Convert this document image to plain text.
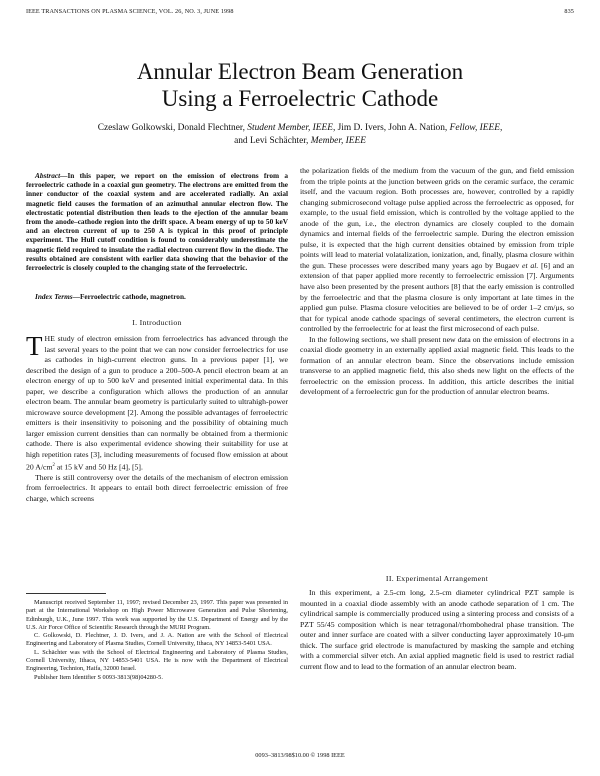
IEEE TRANSACTIONS ON PLASMA SCIENCE, VOL. 26, NO. 3, JUNE 1998	835
Annular Electron Beam Generation
Using a Ferroelectric Cathode
Czeslaw Golkowski, Donald Flechtner, Student Member, IEEE, Jim D. Ivers, John A. Nation, Fellow, IEEE,
and Levi Schächter, Member, IEEE

Abstract—In this paper, we report on the emission of electrons from a ferroelectric cathode in a coaxial gun geometry. The electrons are emitted from the inner conductor of the coaxial system and are accelerated radially. An axial magnetic field causes the formation of an azimuthal annular electron flow. The electrostatic potential distribution then leads to the ejection of the annular beam from the anode–cathode region into the drift space. A beam energy of up to 50 keV and an electron current of up to 250 A is typical in this proof of principle experiment. The Hull cutoff condition is found to considerably underestimate the magnetic field required to insulate the radial electron current flow in the diode. The results obtained are consistent with earlier data showing that the behavior of the ferroelectric is closely coupled to the changing state of the ferroelectric.

Index Terms—Ferroelectric cathode, magnetron.

I. Introduction

THE study of electron emission from ferroelectrics has advanced through the last several years to the point that we can now consider ferroelectrics for use as cathodes in high-current electron guns. In a previous paper [1], we described the design of a gun to produce a 200–500-A pencil electron beam at an electron energy of up to 500 keV and presented initial experimental data. In this paper, we describe a configuration which allows the production of an annular electron beam. The annular beam geometry is particularly suited to ultrahigh-power microwave source development [2]. Among the possible advantages of ferroelectric emitters is their insensitivity to poisoning and the possibility of obtaining much larger emission current densities than can normally be obtained from a thermionic cathode. There is also experimental evidence showing their suitability for use at high repetition rates [3], including measurements of focused flow emission at about 20 $A/cm^2$ at 15 kV and 50 Hz [4], [5].

There is still controversy over the details of the mechanism of electron emission from ferroelectrics. It appears to entail both direct ferroelectric emission of free charge, which screens

Manuscript received September 11, 1997; revised December 23, 1997. This paper was presented in part at the International Workshop on High Power Microwave Generation and Pulse Shortening, Edinburgh, U.K., June 1997. This work was supported by the U.S. Department of Energy and by the U.S. Air Force Office of Scientific Research through the MURI Program.

C. Golkowski, D. Flechtner, J. D. Ivers, and J. A. Nation are with the School of Electrical Engineering and Laboratory of Plasma Studies, Cornell University, Ithaca, NY 14853-5401 USA.

L. Schächter was with the School of Electrical Engineering and Laboratory of Plasma Studies, Cornell University, Ithaca, NY 14853-5401 USA. He is now with the Department of Electrical Engineering, Technion, Haifa, 32000 Israel.

Publisher Item Identifier S 0093-3813(98)04280-5.

the polarization fields of the medium from the vacuum of the gun, and field emission from the triple points at the junction between grids on the ceramic surface, the ceramic itself, and the vacuum region. Both processes are, however, controlled by a rapidly changing submicrosecond voltage pulse applied across the ferroelectric as opposed, for example, to the usual field emission, which is controlled by the voltage applied to the anode of the gun, i.e., the electron dynamics are closely coupled to the domain dynamics and internal fields of the ferroelectric sample. During the electron emission pulse, it is expected that the high current densities obtained by emission from triple points will lead to material volatalization, ionization, and, finally, plasma closure within the gun. These processes were described many years ago by Bugaev et al. [6] and an extension of that paper applied more recently to ferroelectric emission [7]. Arguments have also been presented by the present authors [8] that the early emission is controlled by the ferroelectric and that the plasma closure is only important at late times in the applied gun pulse. Plasma closure velocities are believed to be of order 1–2 cm/μs, so that for typical anode cathode spacings of several centimeters, the electron current is controlled by the ferroelectric for at least the first microsecond of each pulse.

In the following sections, we shall present new data on the emission of electrons in a coaxial diode geometry in an externally applied axial magnetic field. This leads to the formation of an annular electron beam. Since the observations include emission transverse to an applied magnetic field, this also sheds new light on the effects of the ferroelectric on the emission process. In addition, this article describes the initial development of a ferroelectric gun for the production of annular electron beams.

II. Experimental Arrangement

In this experiment, a 2.5-cm long, 2.5-cm diameter cylindrical PZT sample is mounted in a coaxial diode assembly with an anode cathode separation of 1 cm. The cylindrical sample is commercially produced using a sintering process and consists of a PZT 55/45 composition which is near tetragonal/rhombohedral phase transition. The outer and inner surface are coated with a silver conducting layer approximately 10-μm thick. The surface grid electrode is manufactured by masking the sample and etching with a commercial silver etch. An axial applied magnetic field is used to restrict radial current flow and to lead to the formation of an annular electron beam.

0093–3813/98$10.00 © 1998 IEEE
